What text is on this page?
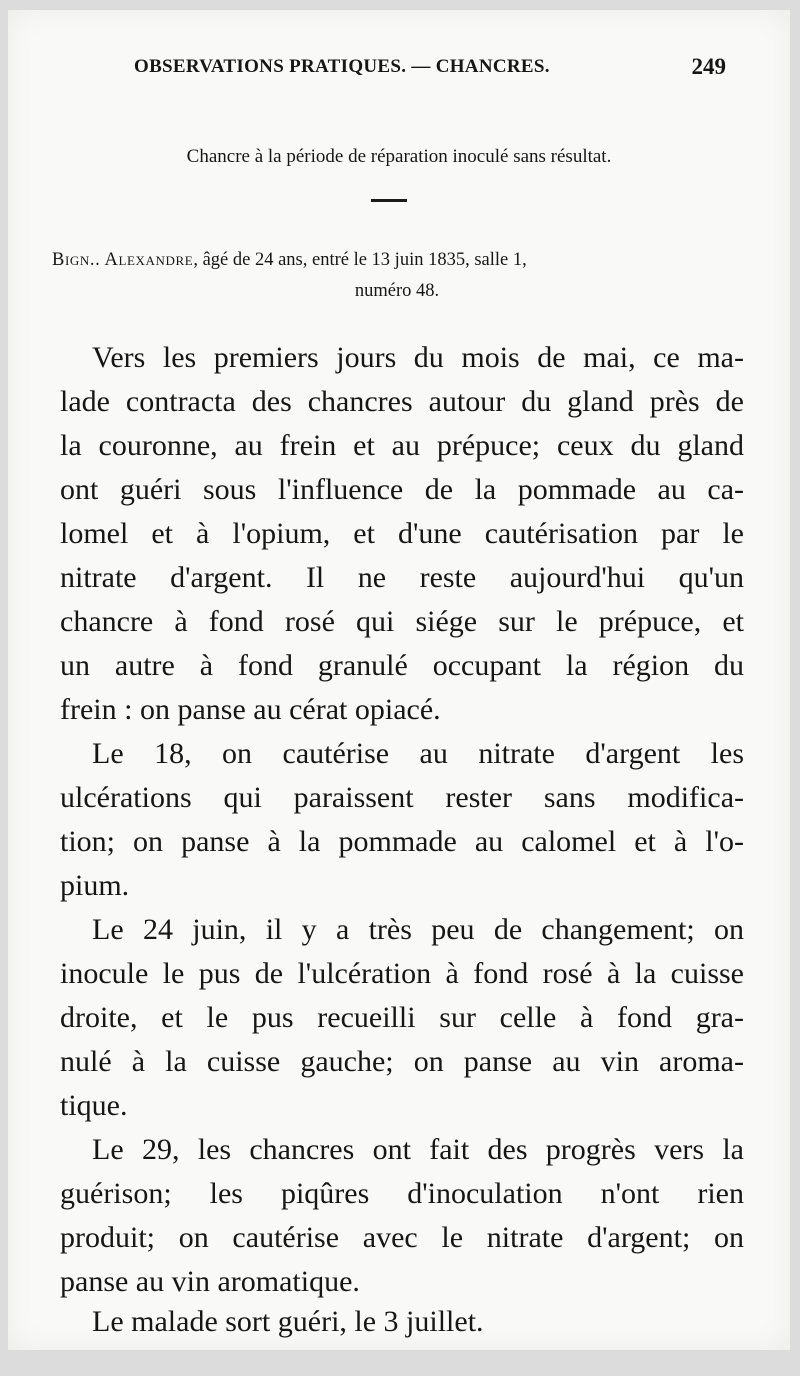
OBSERVATIONS PRATIQUES. — CHANCRES.	249
Chancre à la période de réparation inoculé sans résultat.
Bign.. Alexandre, âgé de 24 ans, entré le 13 juin 1835, salle 1,
numéro 48.
Vers les premiers jours du mois de mai, ce ma-
lade contracta des chancres autour du gland près de
la couronne, au frein et au prépuce; ceux du gland
ont guéri sous l'influence de la pommade au ca-
lomel et à l'opium, et d'une cautérisation par le
nitrate d'argent. Il ne reste aujourd'hui qu'un
chancre à fond rosé qui siége sur le prépuce, et
un autre à fond granulé occupant la région du
frein : on panse au cérat opiacé.
Le 18, on cautérise au nitrate d'argent les
ulcérations qui paraissent rester sans modifica-
tion; on panse à la pommade au calomel et à l'o-
pium.
Le 24 juin, il y a très peu de changement; on
inocule le pus de l'ulcération à fond rosé à la cuisse
droite, et le pus recueilli sur celle à fond gra-
nulé à la cuisse gauche; on panse au vin aroma-
tique.
Le 29, les chancres ont fait des progrès vers la
guérison; les piqûres d'inoculation n'ont rien
produit; on cautérise avec le nitrate d'argent; on
panse au vin aromatique.
Le malade sort guéri, le 3 juillet.
